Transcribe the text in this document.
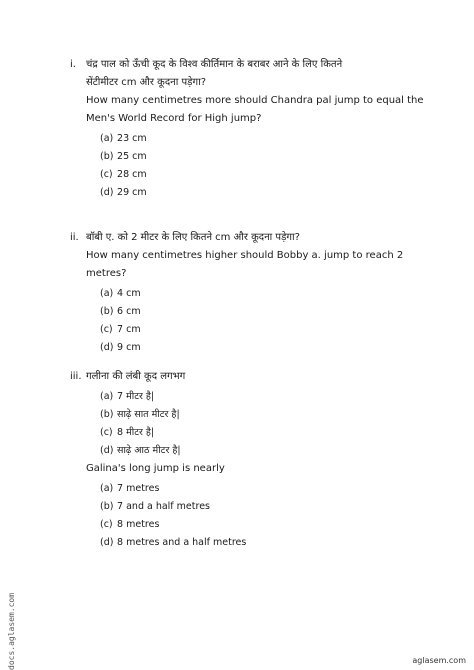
i.	चंद्र पाल को ऊँची कूद के विश्व कीर्तिमान के बराबर आने के लिए कितने
सेंटीमीटर cm और कूदना पड़ेगा?
How many centimetres more should Chandra pal jump to equal the
Men's World Record for High jump?
(a) 23 cm
(b) 25 cm
(c) 28 cm
(d) 29 cm
ii. बॉबी ए. को 2 मीटर के लिए कितने cm और कूदना पड़ेगा?
How many centimetres higher should Bobby a. jump to reach 2
metres?
(a) 4 cm
(b) 6 cm
(c) 7 cm
(d) 9 cm
iii. गलीना की लंबी कूद लगभग
(a) 7 मीटर है|
(b) साढ़े सात मीटर है|
(c) 8 मीटर है|
(d) साढ़े आठ मीटर है|
Galina's long jump is nearly
(a) 7 metres
(b) 7 and a half metres
(c) 8 metres
(d) 8 metres and a half metres
docs.aglasem.com	aglasem.com
